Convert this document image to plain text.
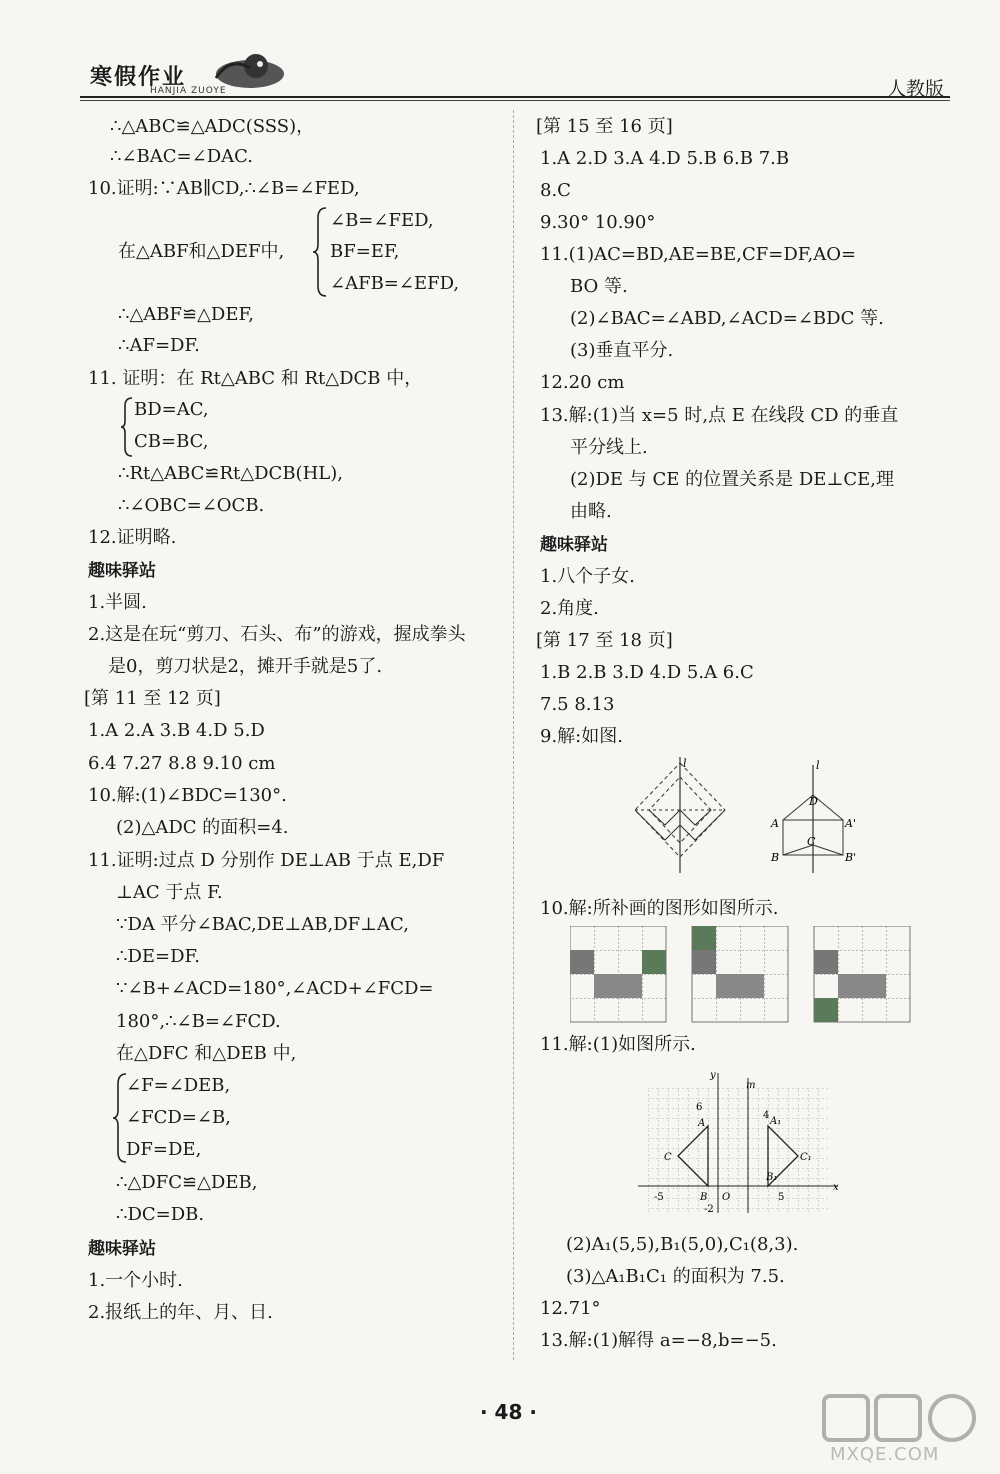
寒假作业
HANJIA ZUOYE	人教版
∴△ABC≌△ADC(SSS)，
∴∠BAC=∠DAC.
10.证明:∵AB∥CD,∴∠B=∠FED,
∠B=∠FED,
在△ABF和△DEF中,	BF=EF,
∠AFB=∠EFD,
∴△ABF≌△DEF,
∴AF=DF.
11. 证明：在 Rt△ABC 和 Rt△DCB 中，
BD=AC,
CB=BC,
∴Rt△ABC≌Rt△DCB(HL),
∴∠OBC=∠OCB.
12.证明略.
趣味驿站
1.半圆.
2.这是在玩“剪刀、石头、布”的游戏，握成拳头
是0，剪刀状是2，摊开手就是5了.
[第 11 至 12 页]
1.A 2.A 3.B 4.D 5.D
6.4 7.27 8.8 9.10 cm
10.解:(1)∠BDC=130°.
(2)△ADC 的面积=4.
11.证明:过点 D 分别作 DE⊥AB 于点 E,DF
⊥AC 于点 F.
∵DA 平分∠BAC,DE⊥AB,DF⊥AC,
∴DE=DF.
∵∠B+∠ACD=180°,∠ACD+∠FCD=
180°,∴∠B=∠FCD.
在△DFC 和△DEB 中,
∠F=∠DEB,
∠FCD=∠B,
DF=DE,
∴△DFC≌△DEB,
∴DC=DB.
趣味驿站
1.一个小时.
2.报纸上的年、月、日.
[第 15 至 16 页]
1.A 2.D 3.A 4.D 5.B 6.B 7.B
8.C
9.30° 10.90°
11.(1)AC=BD,AE=BE,CF=DF,AO=
BO 等.
(2)∠BAC=∠ABD,∠ACD=∠BDC 等.
(3)垂直平分.
12.20 cm
13.解:(1)当 x=5 时,点 E 在线段 CD 的垂直
平分线上.
(2)DE 与 CE 的位置关系是 DE⊥CE,理
由略.
趣味驿站
1.八个子女.
2.角度.
[第 17 至 18 页]
1.B 2.B 3.D 4.D 5.A 6.C
7.5 8.13
9.解:如图.
l	l
D
A	A'
C
B	B'
10.解:所补画的图形如图所示.
11.解:(1)如图所示.
y
x
m
6
4
A	A₁
C	C₁
B₁
-5	B O	5
-2
(2)A₁(5,5),B₁(5,0),C₁(8,3).
(3)△A₁B₁C₁ 的面积为 7.5.
12.71°
13.解:(1)解得 a=−8,b=−5.
· 48 ·
MXQE.COM
